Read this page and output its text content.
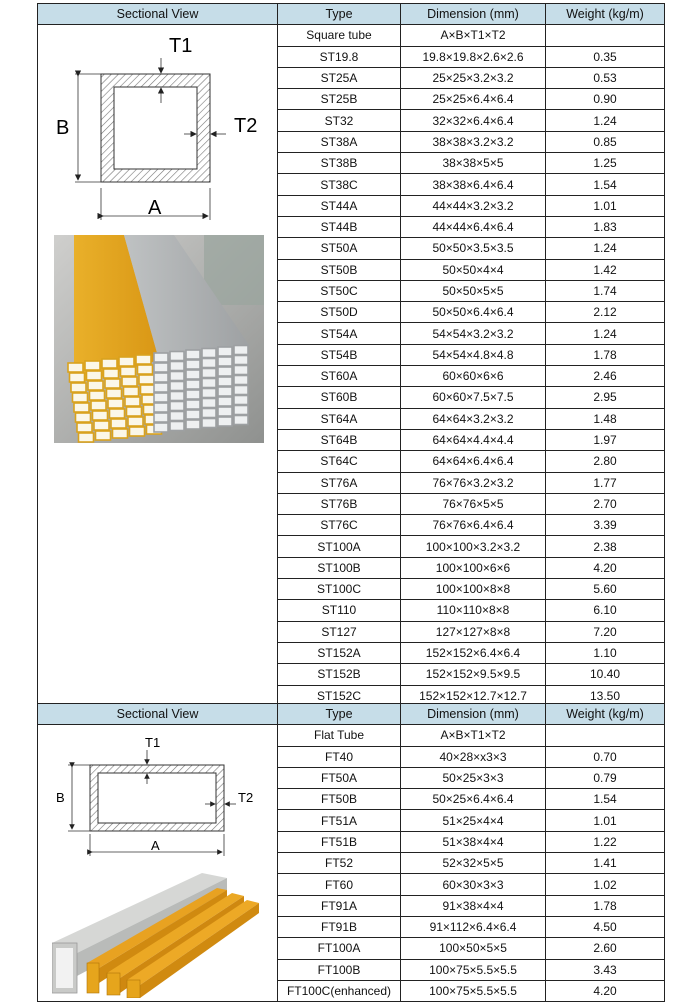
Sectional View	Type	Dimension (mm)	Weight (kg/m)
	Square tube	A×B×T1×T2	
	ST19.8	19.8×19.8×2.6×2.6	0.35
	ST25A	25×25×3.2×3.2	0.53
	ST25B	25×25×6.4×6.4	0.90
	ST32	32×32×6.4×6.4	1.24
	ST38A	38×38×3.2×3.2	0.85
	ST38B	38×38×5×5	1.25
	ST38C	38×38×6.4×6.4	1.54
	ST44A	44×44×3.2×3.2	1.01
	ST44B	44×44×6.4×6.4	1.83
	ST50A	50×50×3.5×3.5	1.24
	ST50B	50×50×4×4	1.42
	ST50C	50×50×5×5	1.74
	ST50D	50×50×6.4×6.4	2.12
	ST54A	54×54×3.2×3.2	1.24
	ST54B	54×54×4.8×4.8	1.78
	ST60A	60×60×6×6	2.46
	ST60B	60×60×7.5×7.5	2.95
	ST64A	64×64×3.2×3.2	1.48
	ST64B	64×64×4.4×4.4	1.97
	ST64C	64×64×6.4×6.4	2.80
	ST76A	76×76×3.2×3.2	1.77
	ST76B	76×76×5×5	2.70
	ST76C	76×76×6.4×6.4	3.39
	ST100A	100×100×3.2×3.2	2.38
	ST100B	100×100×6×6	4.20
	ST100C	100×100×8×8	5.60
	ST110	110×110×8×8	6.10
	ST127	127×127×8×8	7.20
	ST152A	152×152×6.4×6.4	1.10
	ST152B	152×152×9.5×9.5	10.40
	ST152C	152×152×12.7×12.7	13.50
Sectional View	Type	Dimension (mm)	Weight (kg/m)
	Flat Tube	A×B×T1×T2	
	FT40	40×28×x3×3	0.70
	FT50A	50×25×3×3	0.79
	FT50B	50×25×6.4×6.4	1.54
	FT51A	51×25×4×4	1.01
	FT51B	51×38×4×4	1.22
	FT52	52×32×5×5	1.41
	FT60	60×30×3×3	1.02
	FT91A	91×38×4×4	1.78
	FT91B	91×112×6.4×6.4	4.50
	FT100A	100×50×5×5	2.60
	FT100B	100×75×5.5×5.5	3.43
	FT100C(enhanced)	100×75×5.5×5.5	4.20
B
A
T1
T2
B
A
T1
T2
